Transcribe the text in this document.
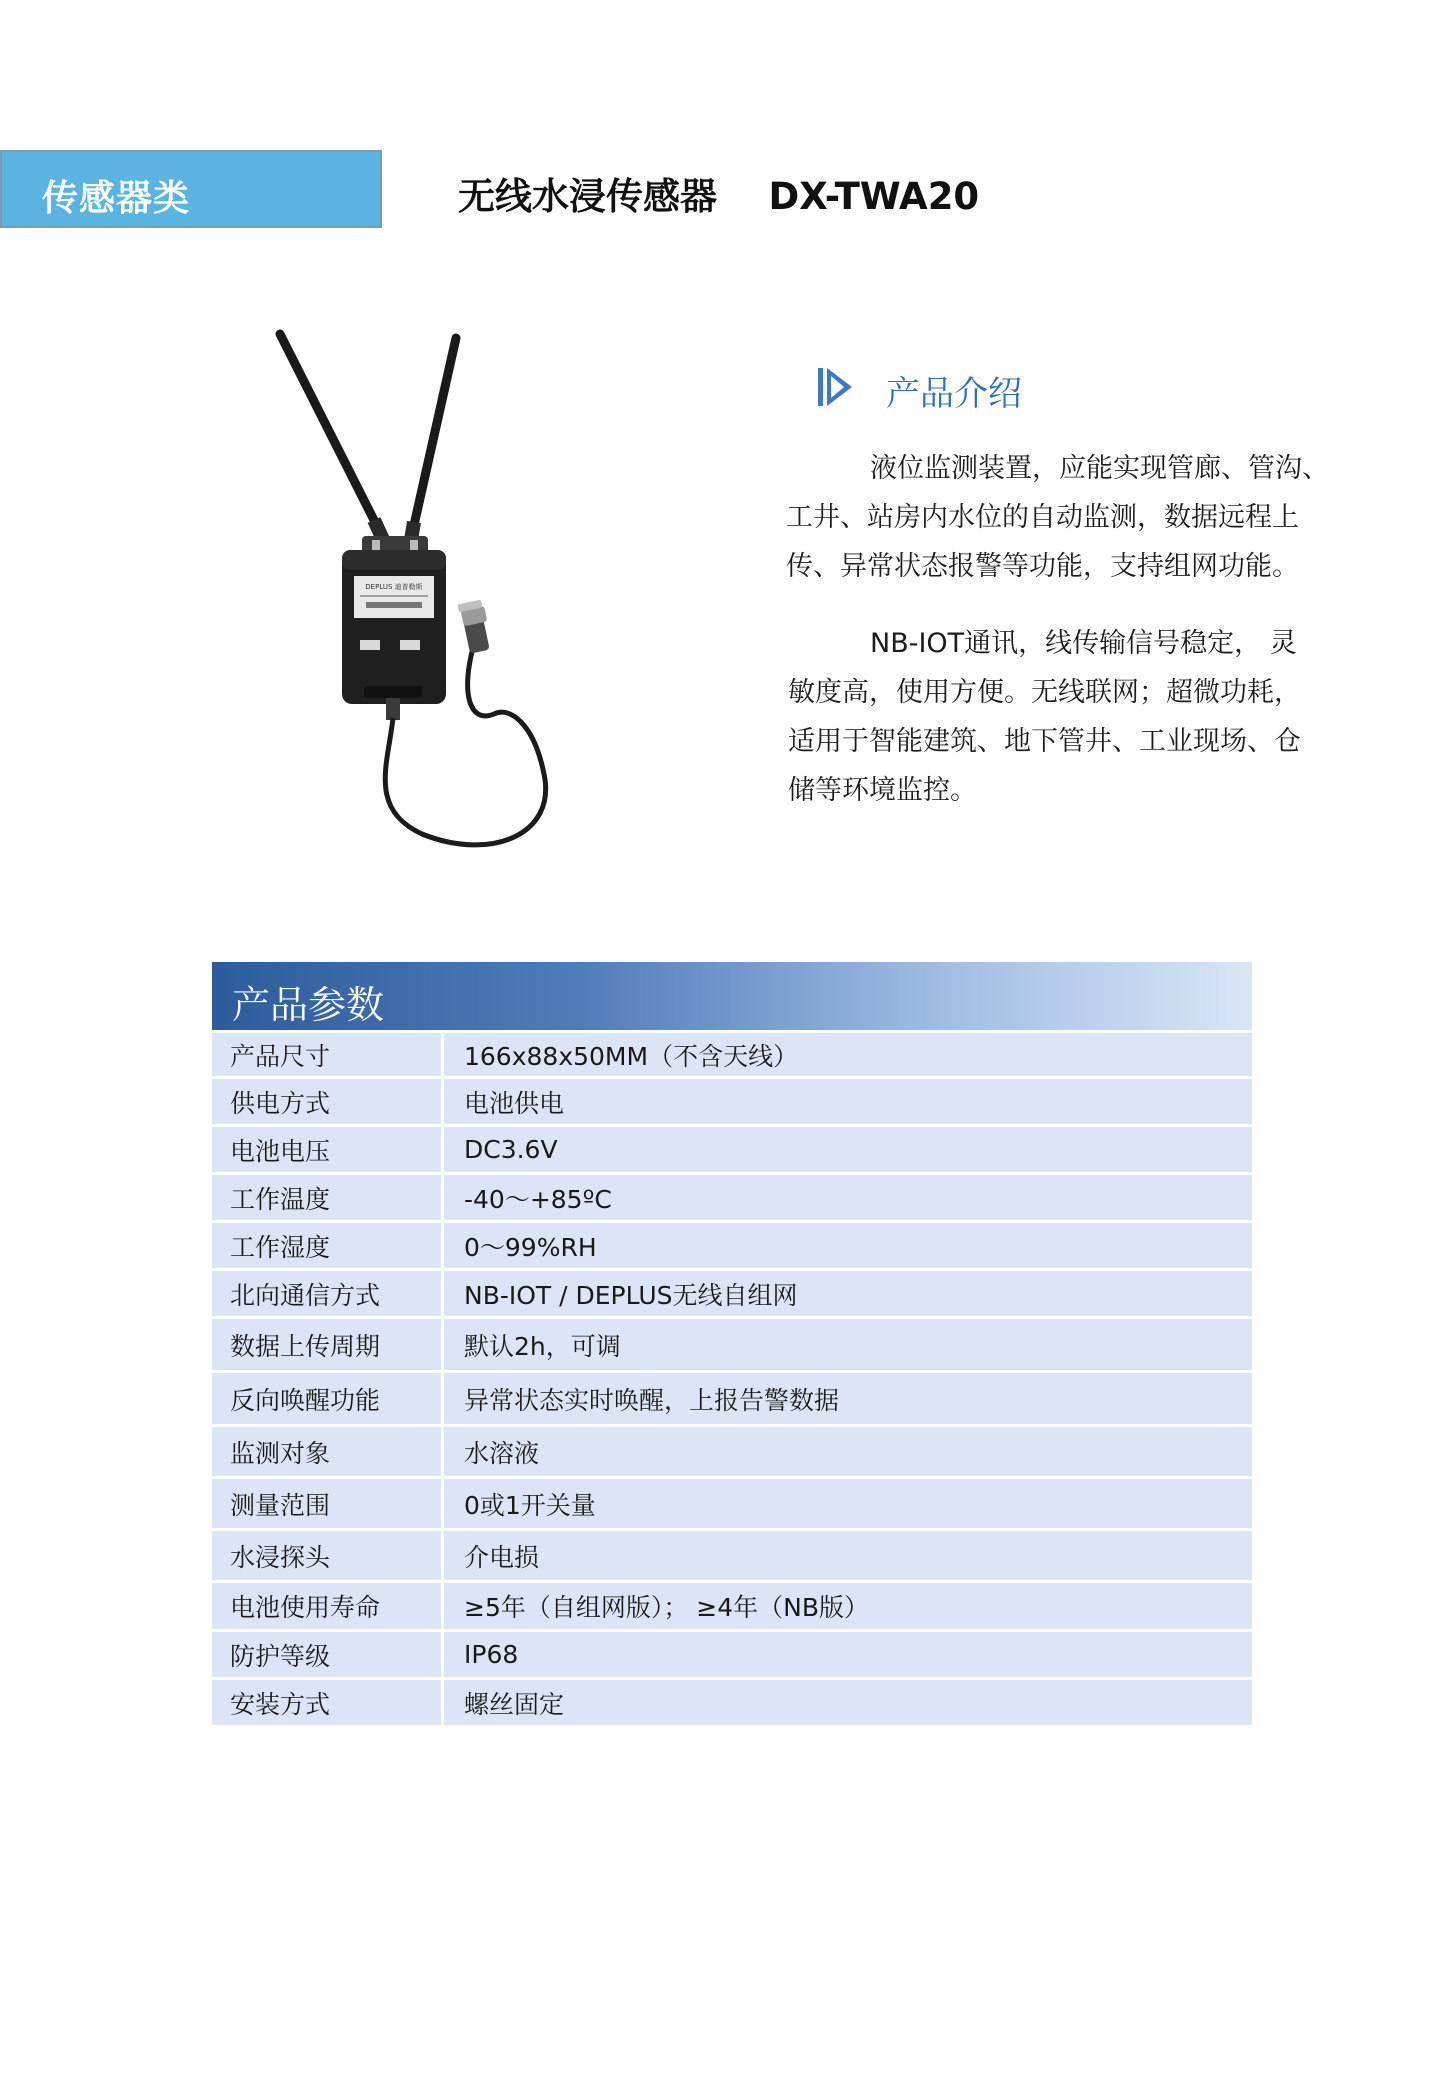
传感器类	无线水浸传感器    DX-TWA20
DEPLUS 迪普勒斯
产品介绍
液位监测装置，应能实现管廊、管沟、
工井、站房内水位的自动监测，数据远程上
传、异常状态报警等功能，支持组网功能。
NB-IOT通讯，线传输信号稳定， 灵
敏度高，使用方便。无线联网；超微功耗，
适用于智能建筑、地下管井、工业现场、仓
储等环境监控。
产品参数
产品尺寸	166x88x50MM（不含天线）
供电方式	电池供电
电池电压	DC3.6V
工作温度	-40～+85ºC
工作湿度	0～99%RH
北向通信方式	NB-IOT / DEPLUS无线自组网
数据上传周期	默认2h，可调
反向唤醒功能	异常状态实时唤醒，上报告警数据
监测对象	水溶液
测量范围	0或1开关量
水浸探头	介电损
电池使用寿命	≥5年（自组网版）； ≥4年（NB版）
防护等级	IP68
安装方式	螺丝固定
